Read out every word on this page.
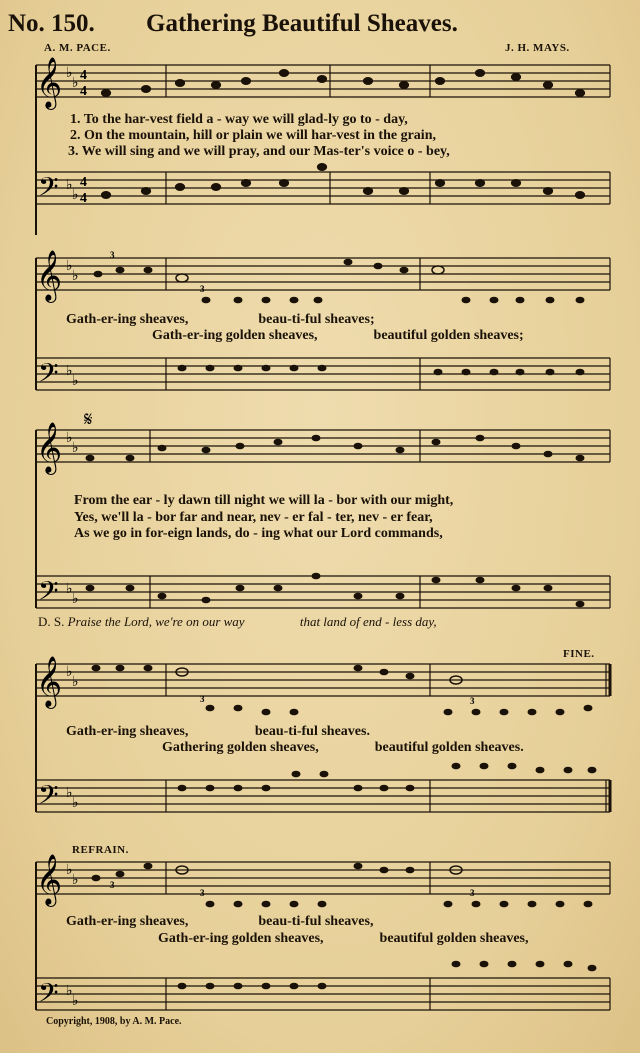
No. 150. Gathering Beautiful Sheaves.
A. M. PACE.	J. H. MAYS.
𝄞
𝄢
♭
♭
♭
♭
4
4
4
4
1. To the har-vest field a - way we will glad-ly go to - day,
2. On the mountain, hill or plain we will har-vest in the grain,
3. We will sing and we will pray, and our Mas-ter's voice o - bey,
𝄞
𝄢
♭
♭
♭
♭
3
3
Gath-er-ing sheaves,                    beau-ti-ful sheaves;
Gath-er-ing golden sheaves,                beautiful golden sheaves;
𝄞
𝄢
♭
♭
♭
♭
𝄋
From the ear - ly dawn till night we will la - bor with our might,
Yes, we'll la - bor far and near, nev - er fal - ter, nev - er fear,
As we go in for-eign lands, do - ing what our Lord commands,
D. S. Praise the Lord, we're on our way	that land of end - less day,
FINE.
𝄞
𝄢
♭
♭
♭
♭
3	3
Gath-er-ing sheaves,                   beau-ti-ful sheaves.
Gathering golden sheaves,                beautiful golden sheaves.
REFRAIN.
𝄞
𝄢
♭
♭
♭
♭
3
3	3
Gath-er-ing sheaves,                    beau-ti-ful sheaves,
Gath-er-ing golden sheaves,                beautiful golden sheaves,
Copyright, 1908, by A. M. Pace.
